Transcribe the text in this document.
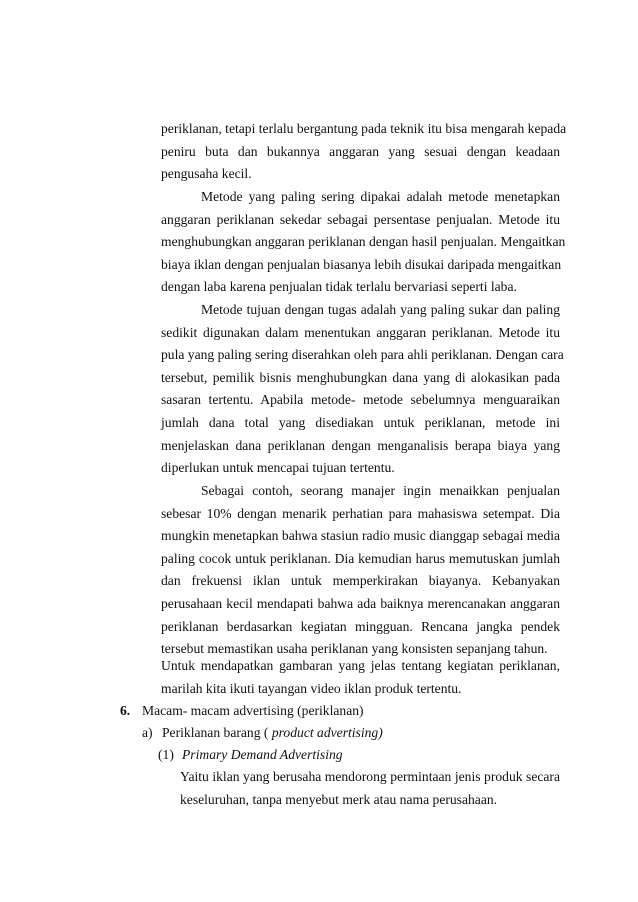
periklanan, tetapi terlalu bergantung pada teknik itu bisa mengarah kepada
peniru buta dan bukannya anggaran yang sesuai dengan keadaan
pengusaha kecil.
Metode yang paling sering dipakai adalah metode menetapkan
anggaran periklanan sekedar sebagai persentase penjualan. Metode itu
menghubungkan anggaran periklanan dengan hasil penjualan. Mengaitkan
biaya iklan dengan penjualan biasanya lebih disukai daripada mengaitkan
dengan laba karena penjualan tidak terlalu bervariasi seperti laba.
Metode tujuan dengan tugas adalah yang paling sukar dan paling
sedikit digunakan dalam menentukan anggaran periklanan. Metode itu
pula yang paling sering diserahkan oleh para ahli periklanan. Dengan cara
tersebut, pemilik bisnis menghubungkan dana yang di alokasikan pada
sasaran tertentu. Apabila metode- metode sebelumnya menguaraikan
jumlah dana total yang disediakan untuk periklanan, metode ini
menjelaskan dana periklanan dengan menganalisis berapa biaya yang
diperlukan untuk mencapai tujuan tertentu.
Sebagai contoh, seorang manajer ingin menaikkan penjualan
sebesar 10% dengan menarik perhatian para mahasiswa setempat. Dia
mungkin menetapkan bahwa stasiun radio music dianggap sebagai media
paling cocok untuk periklanan. Dia kemudian harus memutuskan jumlah
dan frekuensi iklan untuk memperkirakan biayanya. Kebanyakan
perusahaan kecil mendapati bahwa ada baiknya merencanakan anggaran
periklanan berdasarkan kegiatan mingguan. Rencana jangka pendek
tersebut memastikan usaha periklanan yang konsisten sepanjang tahun.
Untuk mendapatkan gambaran yang jelas tentang kegiatan periklanan,
marilah kita ikuti tayangan video iklan produk tertentu.
6. Macam- macam advertising (periklanan)
a) Periklanan barang ( product advertising)
(1) Primary Demand Advertising
Yaitu iklan yang berusaha mendorong permintaan jenis produk secara
keseluruhan, tanpa menyebut merk atau nama perusahaan.
